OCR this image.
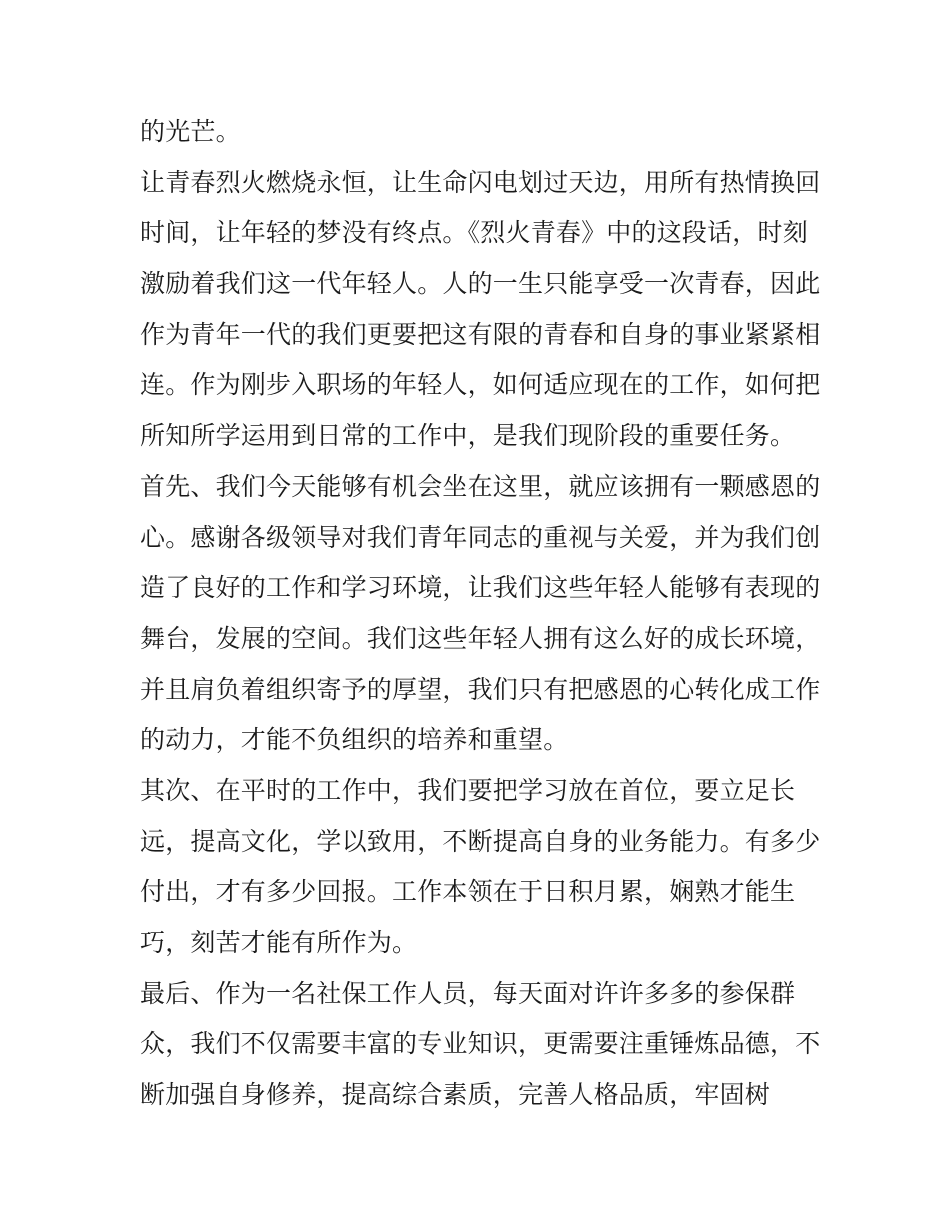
的光芒。
让青春烈火燃烧永恒，让生命闪电划过天边，用所有热情换回
时间，让年轻的梦没有终点。《烈火青春》中的这段话，时刻
激励着我们这一代年轻人。人的一生只能享受一次青春，因此
作为青年一代的我们更要把这有限的青春和自身的事业紧紧相
连。作为刚步入职场的年轻人，如何适应现在的工作，如何把
所知所学运用到日常的工作中，是我们现阶段的重要任务。
首先、我们今天能够有机会坐在这里，就应该拥有一颗感恩的
心。感谢各级领导对我们青年同志的重视与关爱，并为我们创
造了良好的工作和学习环境，让我们这些年轻人能够有表现的
舞台，发展的空间。我们这些年轻人拥有这么好的成长环境，
并且肩负着组织寄予的厚望，我们只有把感恩的心转化成工作
的动力，才能不负组织的培养和重望。
其次、在平时的工作中，我们要把学习放在首位，要立足长
远，提高文化，学以致用，不断提高自身的业务能力。有多少
付出，才有多少回报。工作本领在于日积月累，娴熟才能生
巧，刻苦才能有所作为。
最后、作为一名社保工作人员，每天面对许许多多的参保群
众，我们不仅需要丰富的专业知识，更需要注重锤炼品德，不
断加强自身修养，提高综合素质，完善人格品质，牢固树
